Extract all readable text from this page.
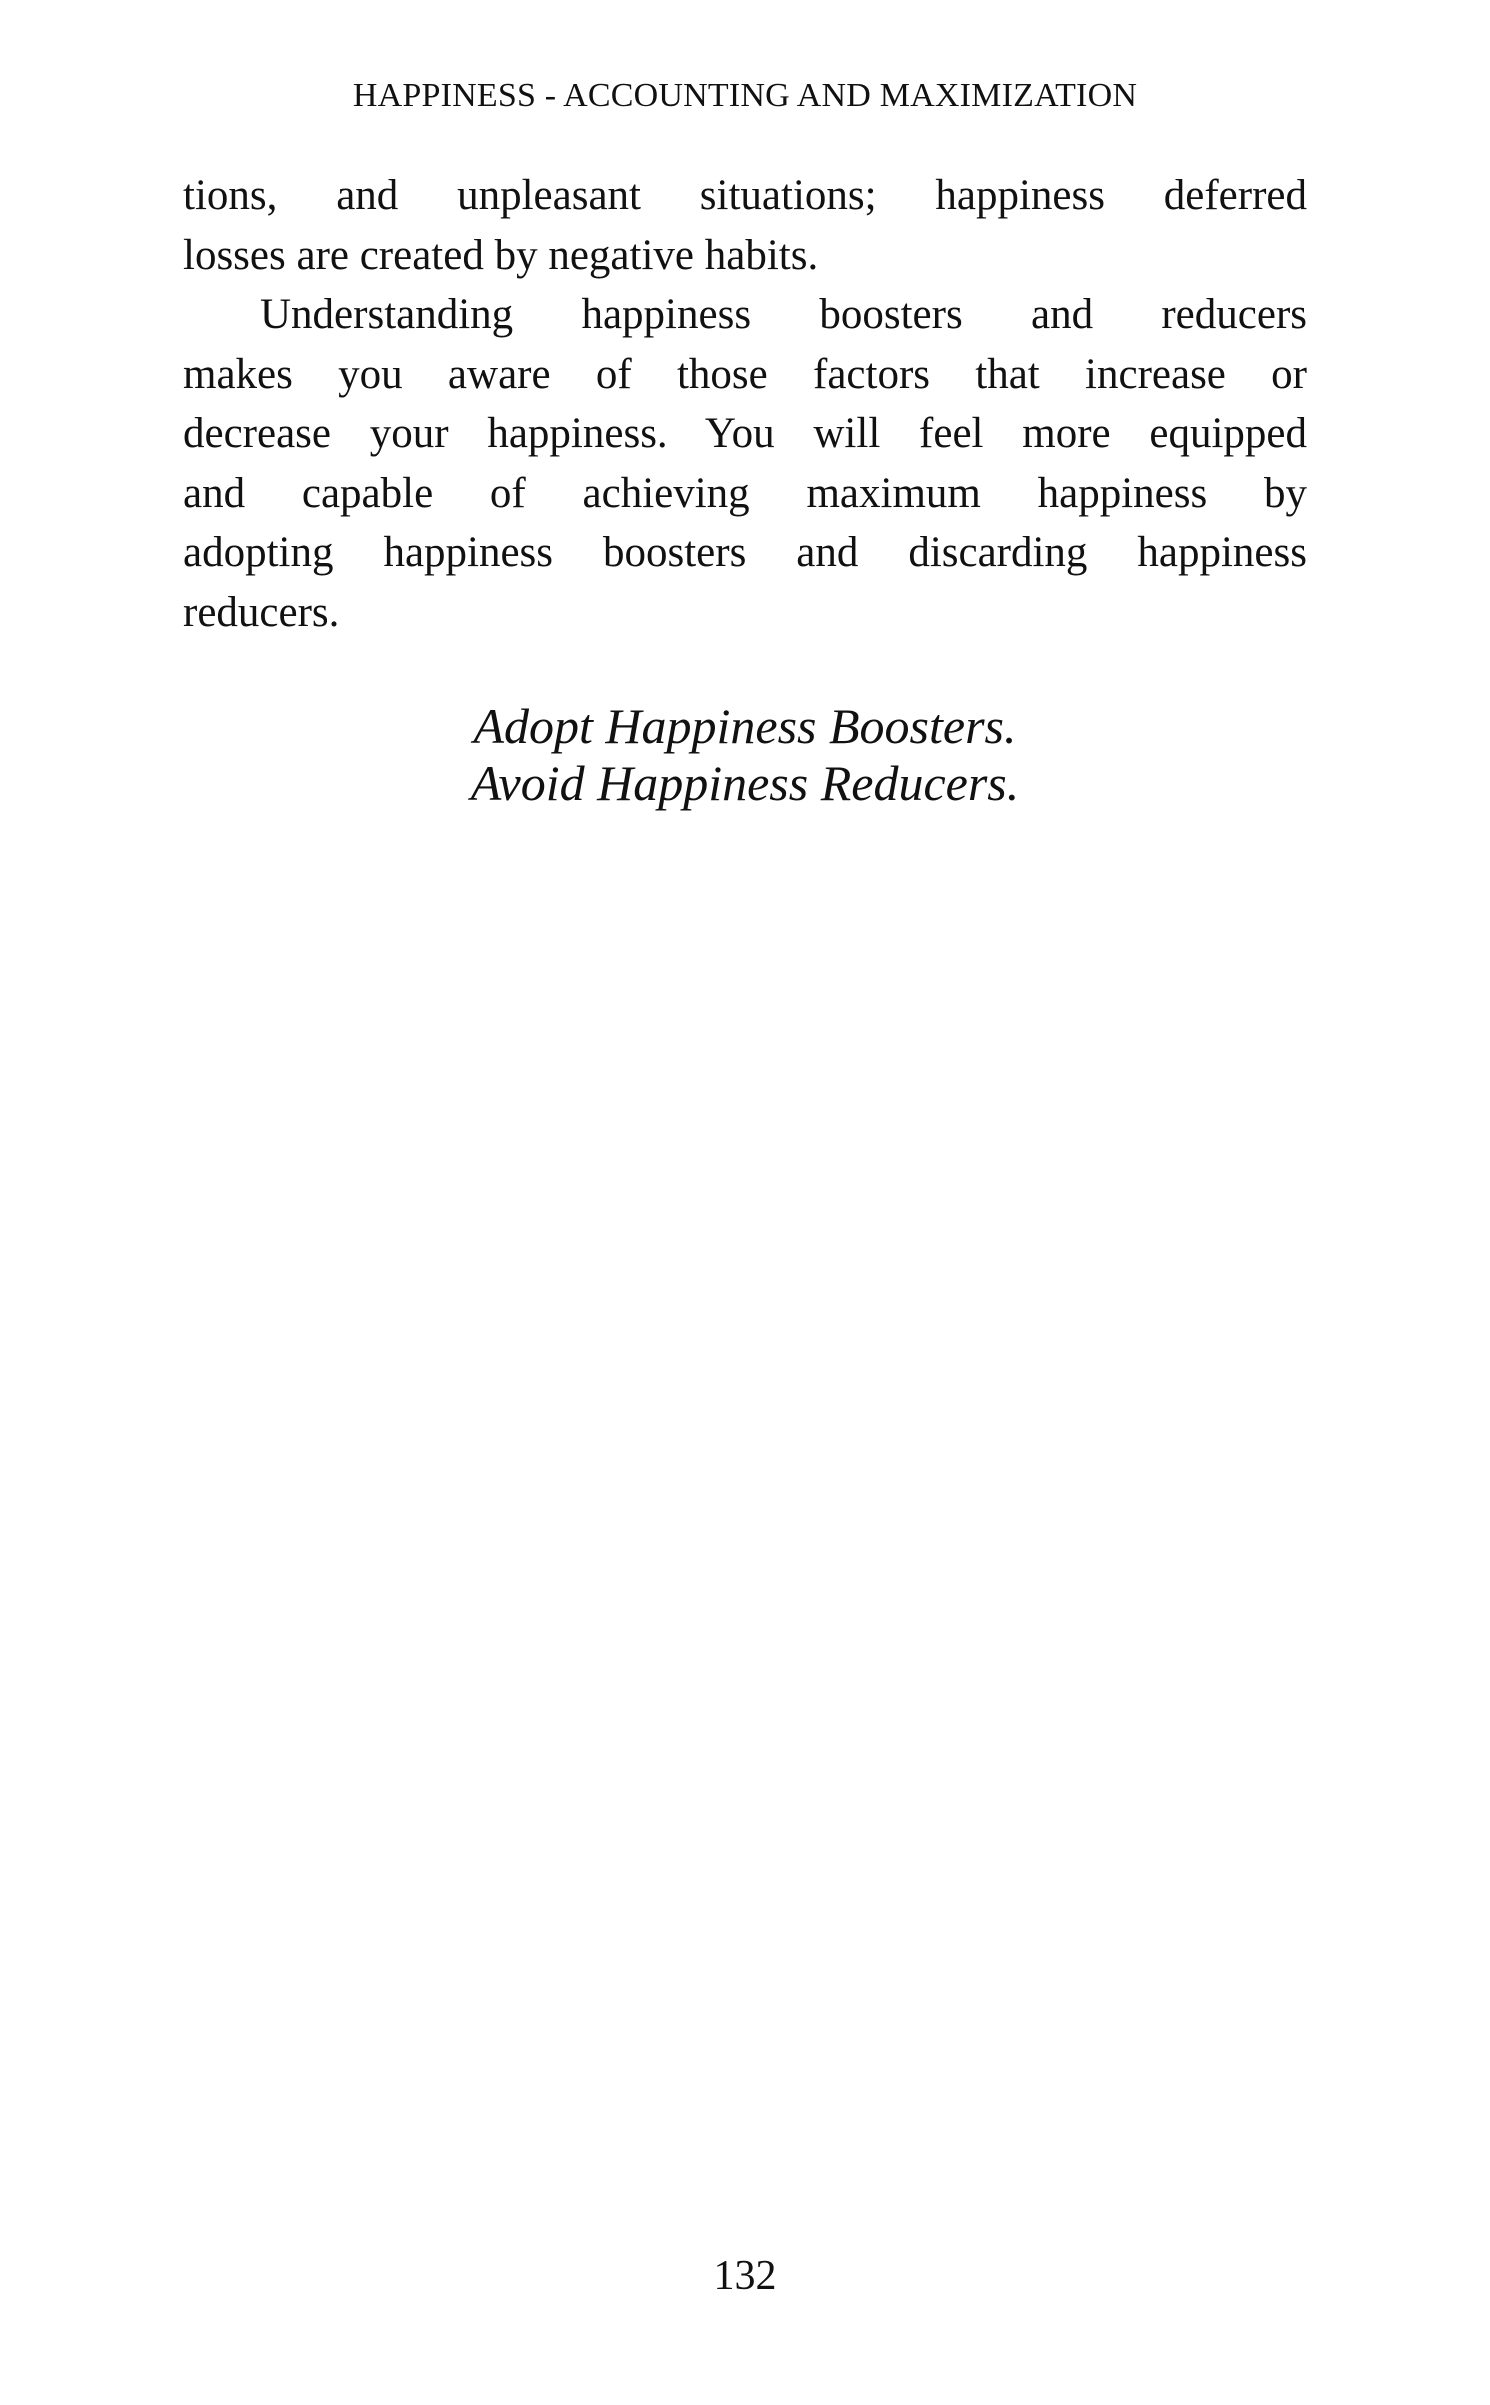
HAPPINESS - ACCOUNTING AND MAXIMIZATION
tions, and unpleasant situations; happiness deferred
losses are created by negative habits.
Understanding happiness boosters and reducers
makes you aware of those factors that increase or
decrease your happiness. You will feel more equipped
and capable of achieving maximum happiness by
adopting happiness boosters and discarding happiness
reducers.
Adopt Happiness Boosters.
Avoid Happiness Reducers.
132
